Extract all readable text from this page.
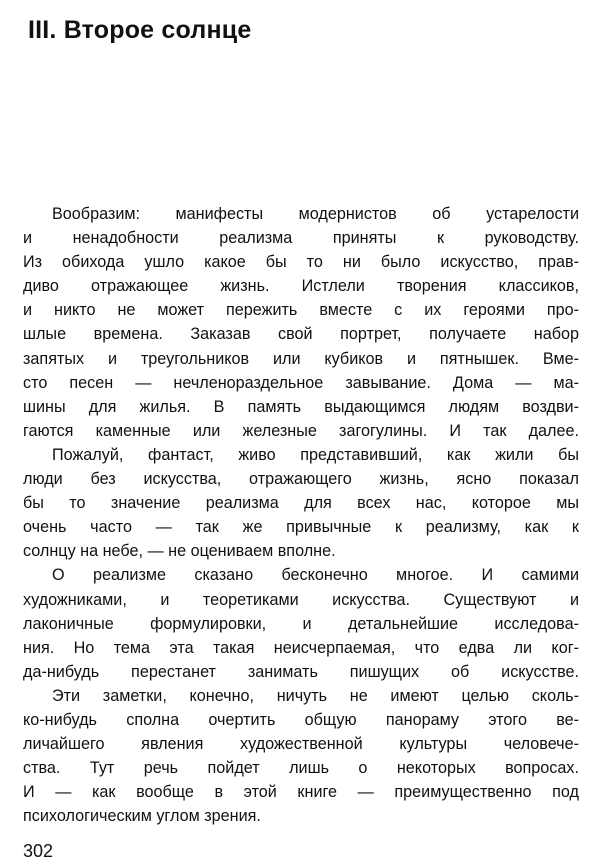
III. Второе солнце
Вообразим: манифесты модернистов об устарелости
и ненадобности реализма приняты к руководству.
Из обихода ушло какое бы то ни было искусство, прав-
диво отражающее жизнь. Истлели творения классиков,
и никто не может пережить вместе с их героями про-
шлые времена. Заказав свой портрет, получаете набор
запятых и треугольников или кубиков и пятнышек. Вме-
сто песен — нечленораздельное завывание. Дома — ма-
шины для жилья. В память выдающимся людям воздви-
гаются каменные или железные загогулины. И так далее.
Пожалуй, фантаст, живо представивший, как жили бы
люди без искусства, отражающего жизнь, ясно показал
бы то значение реализма для всех нас, которое мы
очень часто — так же привычные к реализму, как к
солнцу на небе, — не оцениваем вполне.
О реализме сказано бесконечно многое. И самими
художниками, и теоретиками искусства. Существуют и
лаконичные формулировки, и детальнейшие исследова-
ния. Но тема эта такая неисчерпаемая, что едва ли ког-
да-нибудь перестанет занимать пишущих об искусстве.
Эти заметки, конечно, ничуть не имеют целью сколь-
ко-нибудь сполна очертить общую панораму этого ве-
личайшего явления художественной культуры человече-
ства. Тут речь пойдет лишь о некоторых вопросах.
И — как вообще в этой книге — преимущественно под
психологическим углом зрения.
302
